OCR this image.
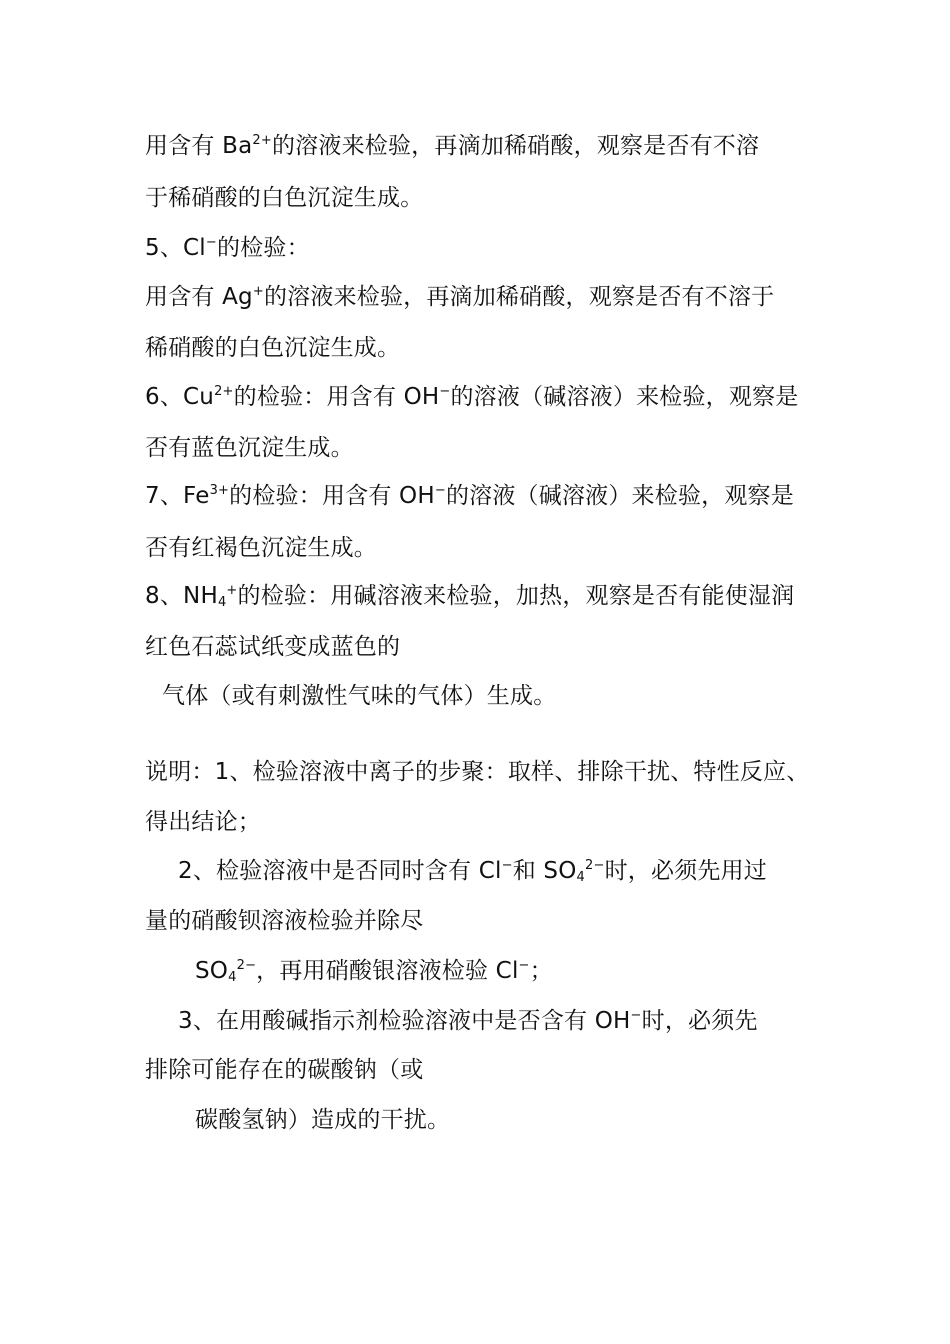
用含有 $Ba^{2+}$的溶液来检验，再滴加稀硝酸，观察是否有不溶
于稀硝酸的白色沉淀生成。
5、Cl−的检验：
用含有 Ag+的溶液来检验，再滴加稀硝酸，观察是否有不溶于
稀硝酸的白色沉淀生成。
6、$Cu^{2+}$的检验：用含有 OH−的溶液（碱溶液）来检验，观察是
否有蓝色沉淀生成。
7、$Fe^{3+}$的检验：用含有 OH−的溶液（碱溶液）来检验，观察是
否有红褐色沉淀生成。
8、$NH_4^+$的检验：用碱溶液来检验，加热，观察是否有能使湿润
红色石蕊试纸变成蓝色的
气体（或有刺激性气味的气体）生成。
说明：1、检验溶液中离子的步聚：取样、排除干扰、特性反应、
得出结论；
2、检验溶液中是否同时含有 Cl−和 $SO_4^{2-}$时，必须先用过
量的硝酸钡溶液检验并除尽
$SO_4^{2-}$，再用硝酸银溶液检验 Cl−；
3、在用酸碱指示剂检验溶液中是否含有 OH−时，必须先
排除可能存在的碳酸钠（或
碳酸氢钠）造成的干扰。
